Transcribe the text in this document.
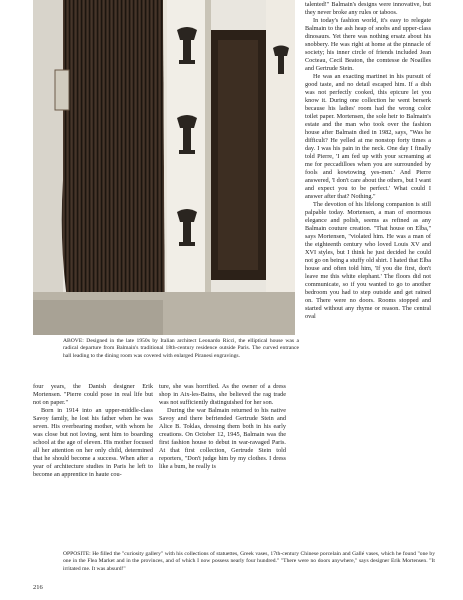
ABOVE: Designed in the late 1950s by Italian architect Leonardo Ricci, the elliptical house was a radical departure from Balmain's traditional 18th-century residence outside Paris. The curved entrance hall leading to the dining room was covered with enlarged Piranesi engravings.

four years, the Danish designer Erik Mortensen. "Pierre could pose in real life but not on paper."

Born in 1914 into an upper-middle-class Savoy family, he lost his father when he was seven. His overbearing mother, with whom he was close but not loving, sent him to boarding school at the age of eleven. His mother focused all her attention on her only child, determined that he should become a success. When after a year of architecture studies in Paris he left to become an apprentice in haute cou-

ture, she was horrified. As the owner of a dress shop in Aix-les-Bains, she believed the rag trade was not sufficiently distinguished for her son.

During the war Balmain returned to his native Savoy and there befriended Gertrude Stein and Alice B. Toklas, dressing them both in his early creations. On October 12, 1945, Balmain was the first fashion house to debut in war-ravaged Paris. At that first collection, Gertrude Stein told reporters, "Don't judge him by my clothes. I dress like a bum, he really is

talented!" Balmain's designs were innovative, but they never broke any rules or taboos.

In today's fashion world, it's easy to relegate Balmain to the ash heap of snobs and upper-class dinosaurs. Yet there was nothing ersatz about his snobbery. He was right at home at the pinnacle of society; his inner circle of friends included Jean Cocteau, Cecil Beaton, the comtesse de Noailles and Gertrude Stein.

He was an exacting martinet in his pursuit of good taste, and no detail escaped him. If a dish was not perfectly cooked, this epicure let you know it. During one collection he went berserk because his ladies' room had the wrong color toilet paper. Mortensen, the sole heir to Balmain's estate and the man who took over the fashion house after Balmain died in 1982, says, "Was he difficult? He yelled at me nonstop forty times a day. I was his pain in the neck. One day I finally told Pierre, 'I am fed up with your screaming at me for peccadilloes when you are surrounded by fools and kowtowing yes-men.' And Pierre answered, 'I don't care about the others, but I want and expect you to be perfect.' What could I answer after that? Nothing."

The devotion of his lifelong companion is still palpable today. Mortensen, a man of enormous elegance and polish, seems as refined as any Balmain couture creation. "That house on Elba," says Mortensen, "violated him. He was a man of the eighteenth century who loved Louis XV and XVI styles, but I think he just decided he could not go on being a stuffy old shirt. I hated that Elba house and often told him, 'If you die first, don't leave me this white elephant.' The floors did not communicate, so if you wanted to go to another bedroom you had to step outside and get rained on. There were no doors. Rooms stopped and started without any rhyme or reason. The central oval

OPPOSITE: He filled the "curiosity gallery" with his collections of statuettes, Greek vases, 17th-century Chinese porcelain and Gallé vases, which he found "one by one in the Flea Market and in the provinces, and of which I now possess nearly four hundred." "There were no doors anywhere," says designer Erik Mortensen. "It irritated me. It was absurd!"
216
